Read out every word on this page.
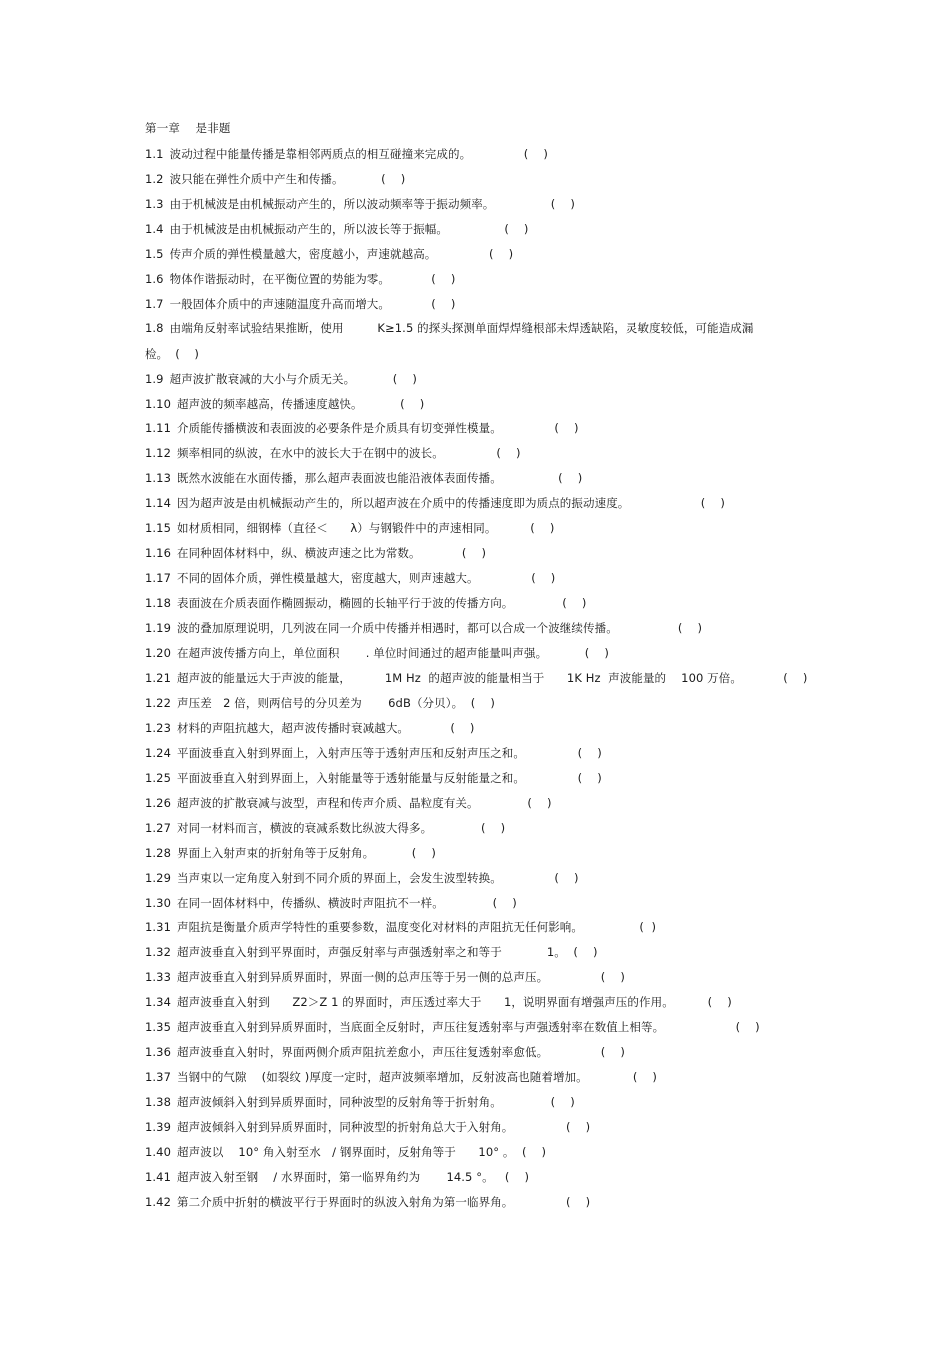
第一章    是非题
1.1 波动过程中能量传播是靠相邻两质点的相互碰撞来完成的。              (    )
1.2 波只能在弹性介质中产生和传播。          (    )
1.3 由于机械波是由机械振动产生的，所以波动频率等于振动频率。               (    )
1.4 由于机械波是由机械振动产生的，所以波长等于振幅。               (    )
1.5 传声介质的弹性模量越大，密度越小，声速就越高。              (    )
1.6 物体作谐振动时，在平衡位置的势能为零。           (    )
1.7 一般固体介质中的声速随温度升高而增大。           (    )
1.8 由端角反射率试验结果推断，使用         K≥1.5 的探头探测单面焊焊缝根部未焊透缺陷，灵敏度较低，可能造成漏
1.9 超声波扩散衰减的大小与介质无关。          (    )
1.10 超声波的频率越高，传播速度越快。          (    )
1.11 介质能传播横波和表面波的必要条件是介质具有切变弹性模量。              (    )
1.12 频率相同的纵波，在水中的波长大于在钢中的波长。              (    )
1.13 既然水波能在水面传播，那么超声表面波也能沿液体表面传播。               (    )
1.14 因为超声波是由机械振动产生的，所以超声波在介质中的传播速度即为质点的振动速度。                   (    )
1.15 如材质相同，细钢棒（直径＜      λ）与钢锻件中的声速相同。         (    )
1.16 在同种固体材料中，纵、横波声速之比为常数。           (    )
1.17 不同的固体介质，弹性模量越大，密度越大，则声速越大。              (    )
1.18 表面波在介质表面作椭圆振动，椭圆的长轴平行于波的传播方向。             (    )
1.19 波的叠加原理说明，几列波在同一介质中传播并相遇时，都可以合成一个波继续传播。                (    )
1.20 在超声波传播方向上，单位面积       . 单位时间通过的超声能量叫声强。          (    )
1.21 超声波的能量远大于声波的能量，         1M Hz  的超声波的能量相当于      1K Hz  声波能量的    100 万倍。           (    )
1.22 声压差   2 倍，则两信号的分贝差为       6dB（分贝）。  (    )
1.23 材料的声阻抗越大，超声波传播时衰减越大。           (    )
1.24 平面波垂直入射到界面上，入射声压等于透射声压和反射声压之和。              (    )
1.25 平面波垂直入射到界面上，入射能量等于透射能量与反射能量之和。              (    )
1.26 超声波的扩散衰减与波型，声程和传声介质、晶粒度有关。             (    )
1.27 对同一材料而言，横波的衰减系数比纵波大得多。             (    )
1.28 界面上入射声束的折射角等于反射角。          (    )
1.29 当声束以一定角度入射到不同介质的界面上，会发生波型转换。              (    )
1.30 在同一固体材料中，传播纵、横波时声阻抗不一样。             (    )
1.31 声阻抗是衡量介质声学特性的重要参数，温度变化对材料的声阻抗无任何影响。               (  )
1.32 超声波垂直入射到平界面时，声强反射率与声强透射率之和等于            1。  (    )
1.33 超声波垂直入射到异质界面时，界面一侧的总声压等于另一侧的总声压。              (    )
1.34 超声波垂直入射到      Z2＞Z 1 的界面时，声压透过率大于      1，说明界面有增强声压的作用。         (    )
1.35 超声波垂直入射到异质界面时，当底面全反射时，声压往复透射率与声强透射率在数值上相等。                   (    )
1.36 超声波垂直入射时，界面两侧介质声阻抗差愈小，声压往复透射率愈低。              (    )
1.37 当钢中的气隙    (如裂纹 )厚度一定时，超声波频率增加，反射波高也随着增加。            (    )
1.38 超声波倾斜入射到异质界面时，同种波型的反射角等于折射角。             (    )
1.39 超声波倾斜入射到异质界面时，同种波型的折射角总大于入射角。              (    )
1.40 超声波以    10° 角入射至水   / 钢界面时，反射角等于      10° 。  (    )
1.41 超声波入射至钢    / 水界面时，第一临界角约为       14.5 °。   (    )
1.42 第二介质中折射的横波平行于界面时的纵波入射角为第一临界角。              (    )
检。  (    )
